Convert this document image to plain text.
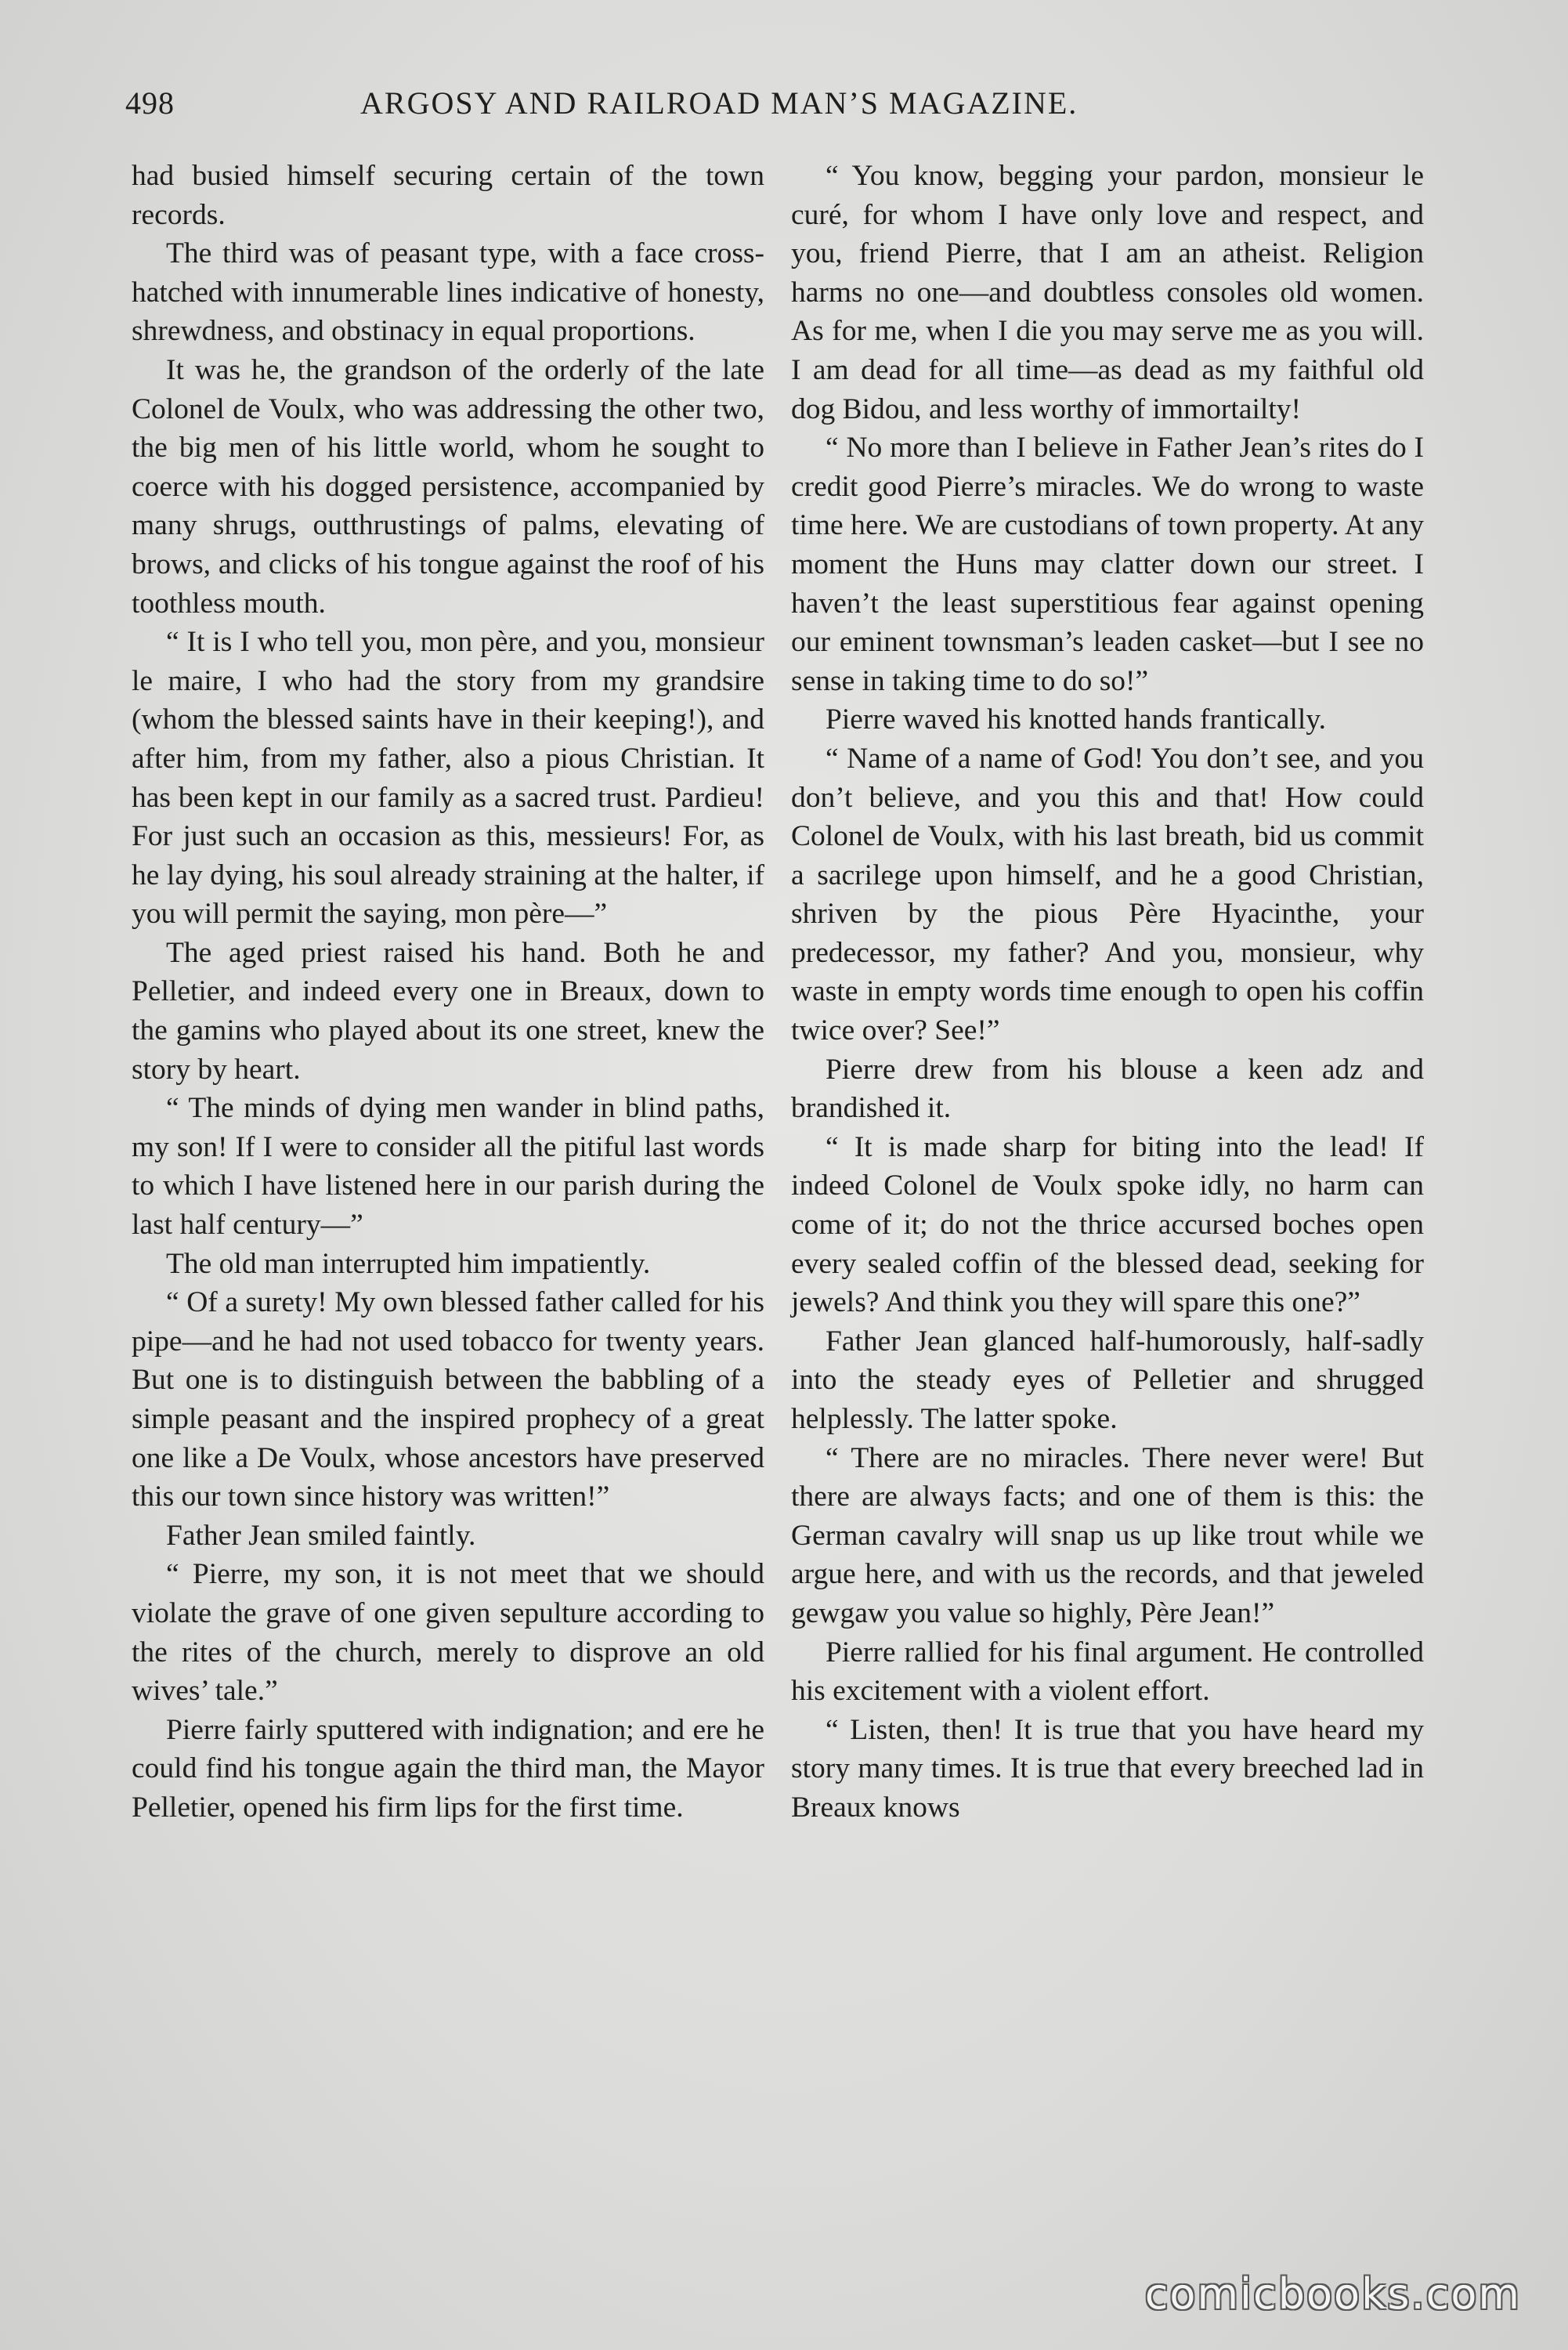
498	ARGOSY AND RAILROAD MAN’S MAGAZINE.

had busied himself securing certain of the town records.

The third was of peasant type, with a face cross-hatched with innumerable lines indicative of honesty, shrewdness, and obstinacy in equal proportions.

It was he, the grandson of the orderly of the late Colonel de Voulx, who was addressing the other two, the big men of his little world, whom he sought to coerce with his dogged persistence, accompanied by many shrugs, outthrustings of palms, elevating of brows, and clicks of his tongue against the roof of his toothless mouth.

“ It is I who tell you, mon père, and you, monsieur le maire, I who had the story from my grandsire (whom the blessed saints have in their keeping!), and after him, from my father, also a pious Christian. It has been kept in our family as a sacred trust. Pardieu! For just such an occasion as this, messieurs! For, as he lay dying, his soul already straining at the halter, if you will permit the saying, mon père—”

The aged priest raised his hand. Both he and Pelletier, and indeed every one in Breaux, down to the gamins who played about its one street, knew the story by heart.

“ The minds of dying men wander in blind paths, my son! If I were to consider all the pitiful last words to which I have listened here in our parish during the last half century—”

The old man interrupted him impatiently.

“ Of a surety! My own blessed father called for his pipe—and he had not used tobacco for twenty years. But one is to distinguish between the babbling of a simple peasant and the inspired prophecy of a great one like a De Voulx, whose ancestors have preserved this our town since history was written!”

Father Jean smiled faintly.

“ Pierre, my son, it is not meet that we should violate the grave of one given sepulture according to the rites of the church, merely to disprove an old wives’ tale.”

Pierre fairly sputtered with indignation; and ere he could find his tongue again the third man, the Mayor Pelletier, opened his firm lips for the first time.

“ You know, begging your pardon, monsieur le curé, for whom I have only love and respect, and you, friend Pierre, that I am an atheist. Religion harms no one—and doubtless consoles old women. As for me, when I die you may serve me as you will. I am dead for all time—as dead as my faithful old dog Bidou, and less worthy of immortailty!

“ No more than I believe in Father Jean’s rites do I credit good Pierre’s miracles. We do wrong to waste time here. We are custodians of town property. At any moment the Huns may clatter down our street. I haven’t the least superstitious fear against opening our eminent townsman’s leaden casket—but I see no sense in taking time to do so!”

Pierre waved his knotted hands frantically.

“ Name of a name of God! You don’t see, and you don’t believe, and you this and that! How could Colonel de Voulx, with his last breath, bid us commit a sacrilege upon himself, and he a good Christian, shriven by the pious Père Hyacinthe, your predecessor, my father? And you, monsieur, why waste in empty words time enough to open his coffin twice over? See!”

Pierre drew from his blouse a keen adz and brandished it.

“ It is made sharp for biting into the lead! If indeed Colonel de Voulx spoke idly, no harm can come of it; do not the thrice accursed boches open every sealed coffin of the blessed dead, seeking for jewels? And think you they will spare this one?”

Father Jean glanced half-humorously, half-sadly into the steady eyes of Pelletier and shrugged helplessly. The latter spoke.

“ There are no miracles. There never were! But there are always facts; and one of them is this: the German cavalry will snap us up like trout while we argue here, and with us the records, and that jeweled gewgaw you value so highly, Père Jean!”

Pierre rallied for his final argument. He controlled his excitement with a violent effort.

“ Listen, then! It is true that you have heard my story many times. It is true that every breeched lad in Breaux knows

comicbooks.com
